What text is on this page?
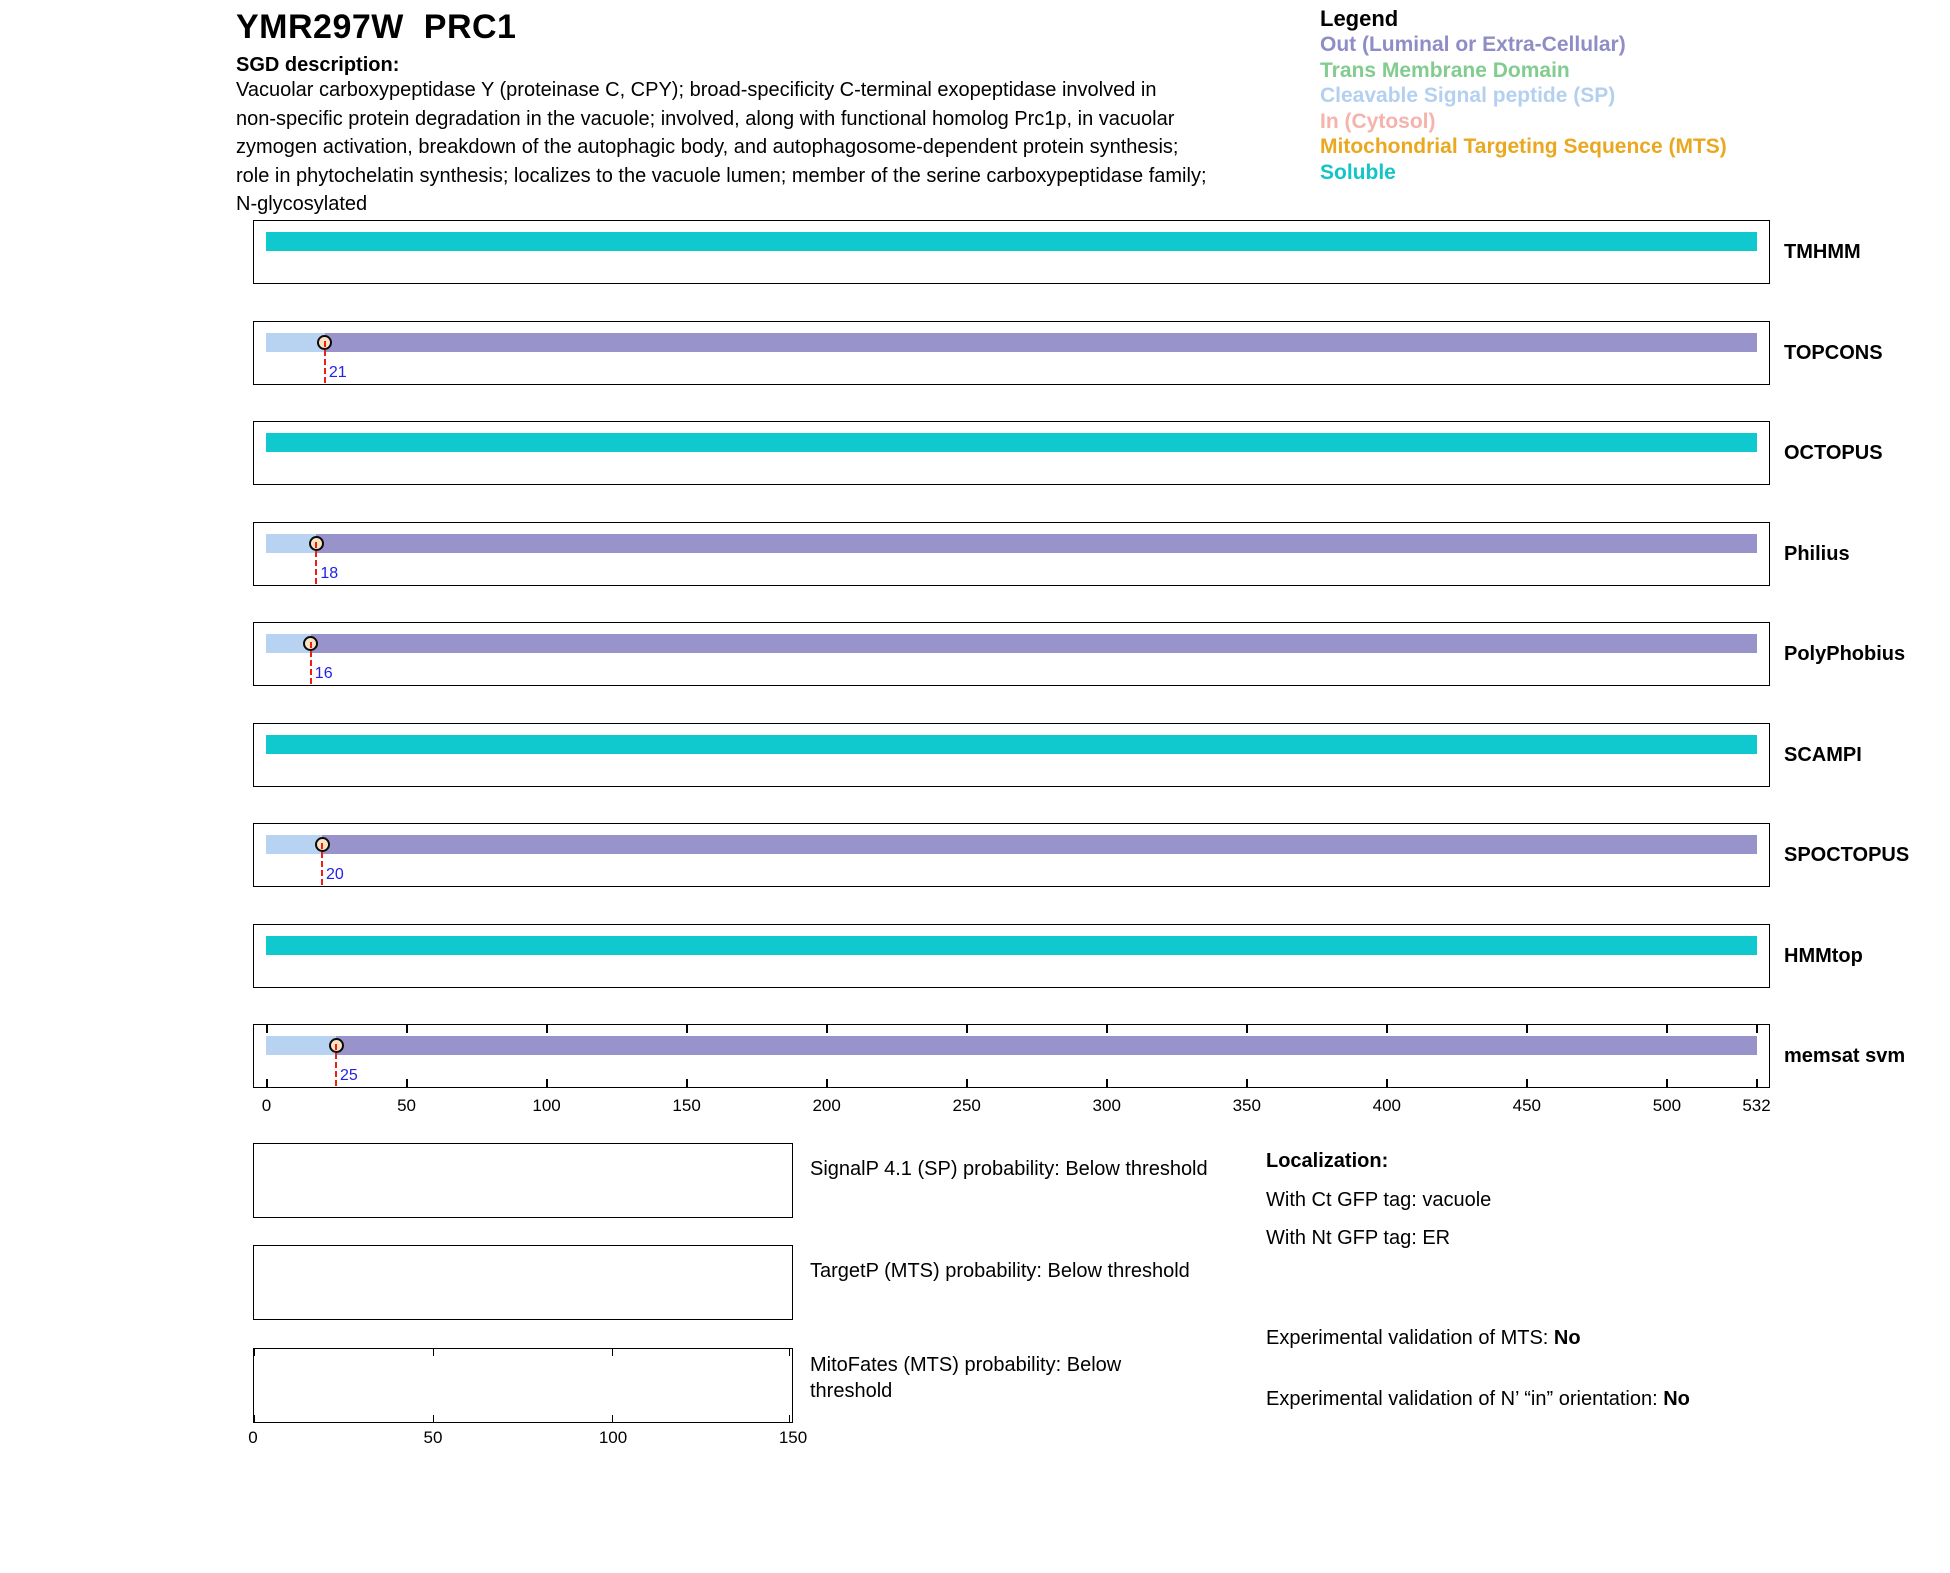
YMR297W  PRC1
SGD description:
Vacuolar carboxypeptidase Y (proteinase C, CPY); broad-specificity C-terminal exopeptidase involved in
non-specific protein degradation in the vacuole; involved, along with functional homolog Prc1p, in vacuolar
zymogen activation, breakdown of the autophagic body, and autophagosome-dependent protein synthesis;
role in phytochelatin synthesis; localizes to the vacuole lumen; member of the serine carboxypeptidase family;
N-glycosylated
Legend
Out (Luminal or Extra-Cellular)
Trans Membrane Domain
Cleavable Signal peptide (SP)
In (Cytosol)
Mitochondrial Targeting Sequence (MTS)
Soluble
TMHMM
21
TOPCONS
OCTOPUS
18
Philius
16
PolyPhobius
SCAMPI
20
SPOCTOPUS
HMMtop
25
memsat svm
0	50	100	150	200	250	300	350	400	450	500	532
SignalP 4.1 (SP) probability: Below threshold
TargetP (MTS) probability: Below threshold
MitoFates (MTS) probability: Below threshold
0	50	100	150
Localization:
With Ct GFP tag: vacuole
With Nt GFP tag: ER
Experimental validation of MTS: No
Experimental validation of N’ “in” orientation: No
